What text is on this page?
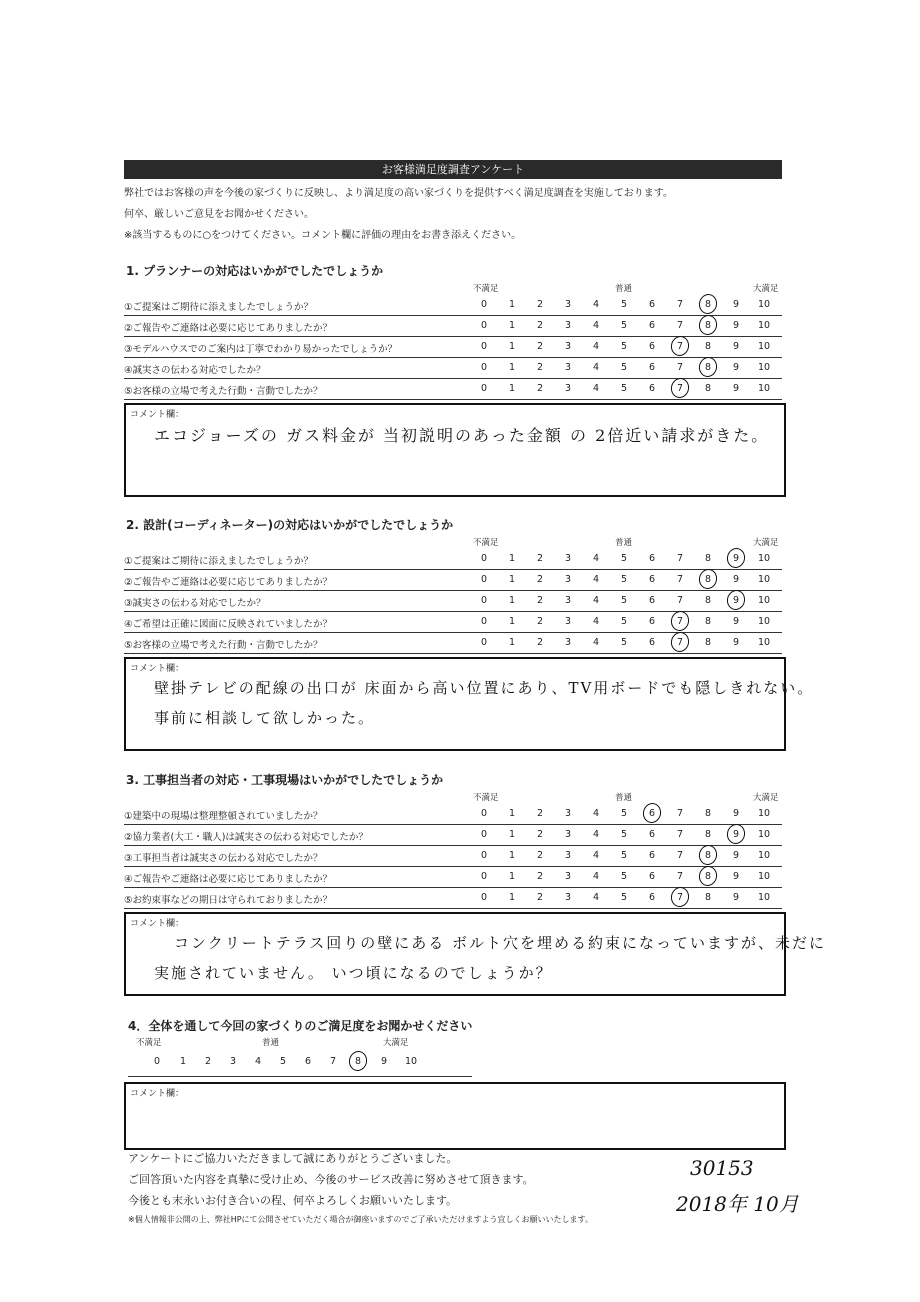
お客様満足度調査アンケート
弊社ではお客様の声を今後の家づくりに反映し、より満足度の高い家づくりを提供すべく満足度調査を実施しております。
何卒、厳しいご意見をお聞かせください。
※該当するものに○をつけてください。コメント欄に評価の理由をお書き添えください。
1. プランナーの対応はいかがでしたでしょうか
不満足	普通	大満足
①ご提案はご期待に添えましたでしょうか？	0	1	2	3	4	5	6	7	8	9	10
②ご報告やご連絡は必要に応じてありましたか？	0	1	2	3	4	5	6	7	8	9	10
③モデルハウスでのご案内は丁寧でわかり易かったでしょうか？	0	1	2	3	4	5	6	7	8	9	10
④誠実さの伝わる対応でしたか？	0	1	2	3	4	5	6	7	8	9	10
⑤お客様の立場で考えた行動・言動でしたか？	0	1	2	3	4	5	6	7	8	9	10
コメント欄：
エコジョーズの ガス料金が 当初説明のあった金額 の 2倍近い請求がきた。
2. 設計(コーディネーター)の対応はいかがでしたでしょうか
不満足	普通	大満足
①ご提案はご期待に添えましたでしょうか？	0	1	2	3	4	5	6	7	8	9	10
②ご報告やご連絡は必要に応じてありましたか？	0	1	2	3	4	5	6	7	8	9	10
③誠実さの伝わる対応でしたか？	0	1	2	3	4	5	6	7	8	9	10
④ご希望は正確に図面に反映されていましたか？	0	1	2	3	4	5	6	7	8	9	10
⑤お客様の立場で考えた行動・言動でしたか？	0	1	2	3	4	5	6	7	8	9	10
コメント欄：
壁掛テレビの配線の出口が 床面から高い位置にあり、TV用ボードでも隠しきれない。
事前に相談して欲しかった。
3. 工事担当者の対応・工事現場はいかがでしたでしょうか
不満足	普通	大満足
①建築中の現場は整理整頓されていましたか？	0	1	2	3	4	5	6	7	8	9	10
②協力業者(大工・職人)は誠実さの伝わる対応でしたか？	0	1	2	3	4	5	6	7	8	9	10
③工事担当者は誠実さの伝わる対応でしたか？	0	1	2	3	4	5	6	7	8	9	10
④ご報告やご連絡は必要に応じてありましたか？	0	1	2	3	4	5	6	7	8	9	10
⑤お約束事などの期日は守られておりましたか？	0	1	2	3	4	5	6	7	8	9	10
コメント欄：
コンクリートテラス回りの壁にある ボルト穴を埋める約束になっていますが、未だに
実施されていません。 いつ頃になるのでしょうか？
4．全体を通して今回の家づくりのご満足度をお聞かせください
不満足	普通	大満足
0	1	2	3	4	5	6	7	8	9	10
コメント欄：
アンケートにご協力いただきまして誠にありがとうございました。
ご回答頂いた内容を真摯に受け止め、今後のサービス改善に努めさせて頂きます。
今後とも末永いお付き合いの程、何卒よろしくお願いいたします。
※個人情報非公開の上、弊社HPにて公開させていただく場合が御座いますのでご了承いただけますよう宜しくお願いいたします。
30153
2018年 10月
